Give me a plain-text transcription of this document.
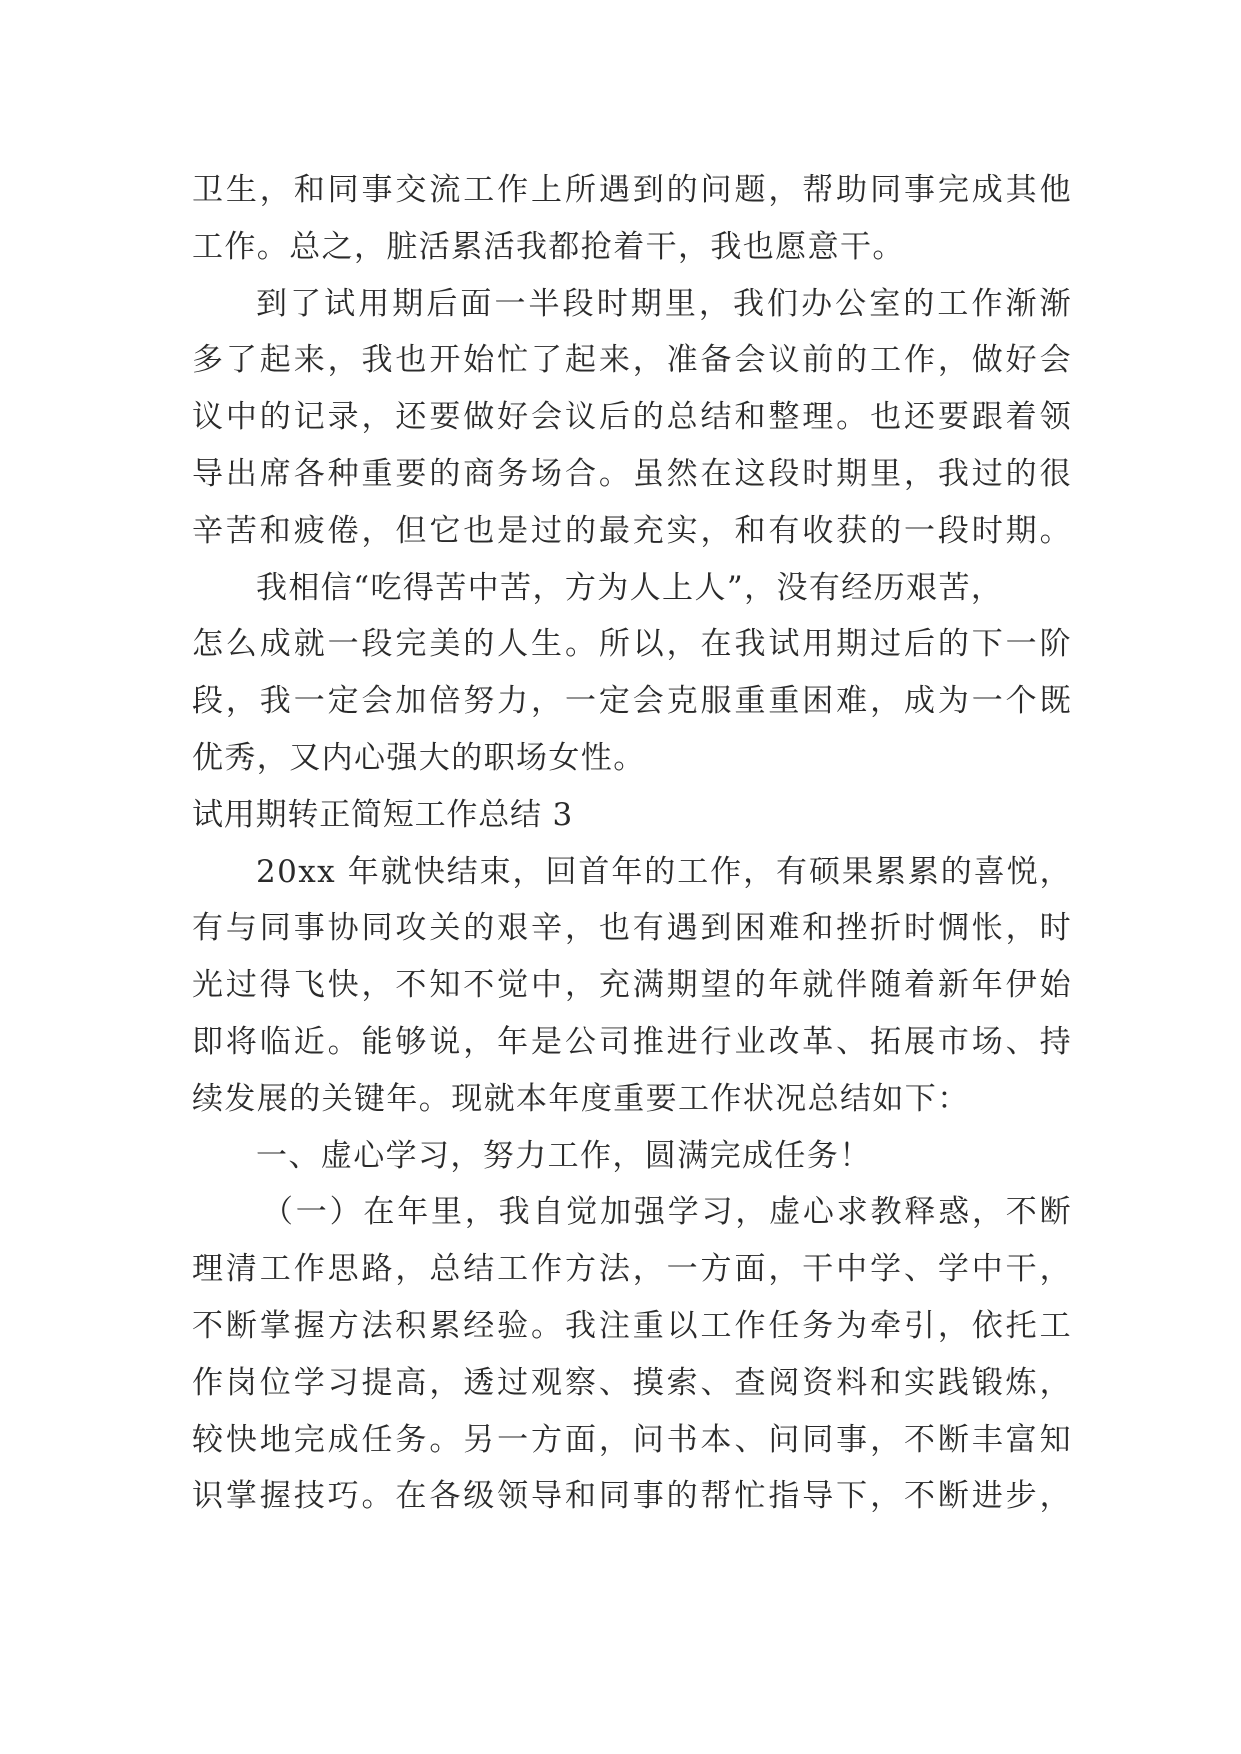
卫生，和同事交流工作上所遇到的问题，帮助同事完成其他
工作。总之，脏活累活我都抢着干，我也愿意干。
到了试用期后面一半段时期里，我们办公室的工作渐渐
多了起来，我也开始忙了起来，准备会议前的工作，做好会
议中的记录，还要做好会议后的总结和整理。也还要跟着领
导出席各种重要的商务场合。虽然在这段时期里，我过的很
辛苦和疲倦，但它也是过的最充实，和有收获的一段时期。
我相信“吃得苦中苦，方为人上人”，没有经历艰苦，
怎么成就一段完美的人生。所以，在我试用期过后的下一阶
段，我一定会加倍努力，一定会克服重重困难，成为一个既
优秀，又内心强大的职场女性。
试用期转正简短工作总结 3
20xx 年就快结束，回首年的工作，有硕果累累的喜悦，
有与同事协同攻关的艰辛，也有遇到困难和挫折时惆怅，时
光过得飞快，不知不觉中，充满期望的年就伴随着新年伊始
即将临近。能够说，年是公司推进行业改革、拓展市场、持
续发展的关键年。现就本年度重要工作状况总结如下：
一、虚心学习，努力工作，圆满完成任务！
（一）在年里，我自觉加强学习，虚心求教释惑，不断
理清工作思路，总结工作方法，一方面，干中学、学中干，
不断掌握方法积累经验。我注重以工作任务为牵引，依托工
作岗位学习提高，透过观察、摸索、查阅资料和实践锻炼，
较快地完成任务。另一方面，问书本、问同事，不断丰富知
识掌握技巧。在各级领导和同事的帮忙指导下，不断进步，
